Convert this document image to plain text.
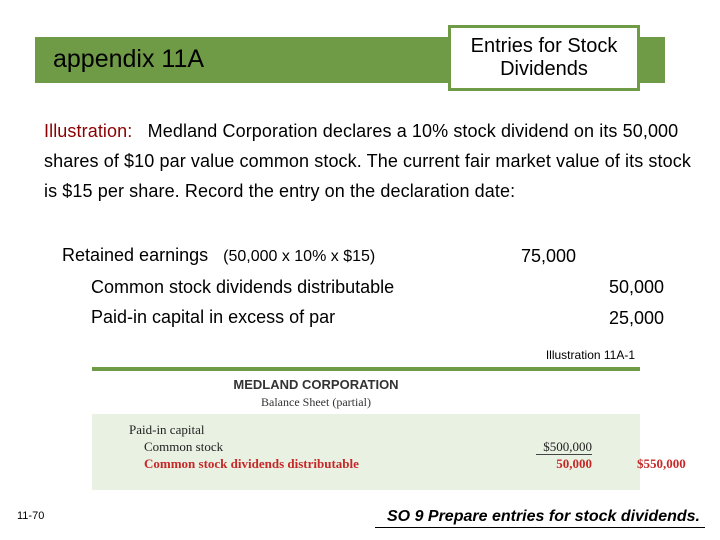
appendix 11A	Entries for Stock
Dividends
Illustration: Medland Corporation declares a 10% stock dividend on its 50,000 shares of $10 par value common stock. The current fair market value of its stock is $15 per share. Record the entry on the declaration date:
Retained earnings (50,000 x 10% x $15)	75,000
Common stock dividends distributable	50,000
Paid-in capital in excess of par	25,000
Illustration 11A-1
MEDLAND CORPORATION
Balance Sheet (partial)
Paid-in capital
Common stock	$500,000
Common stock dividends distributable	50,000	$550,000
11-70	SO 9 Prepare entries for stock dividends.
